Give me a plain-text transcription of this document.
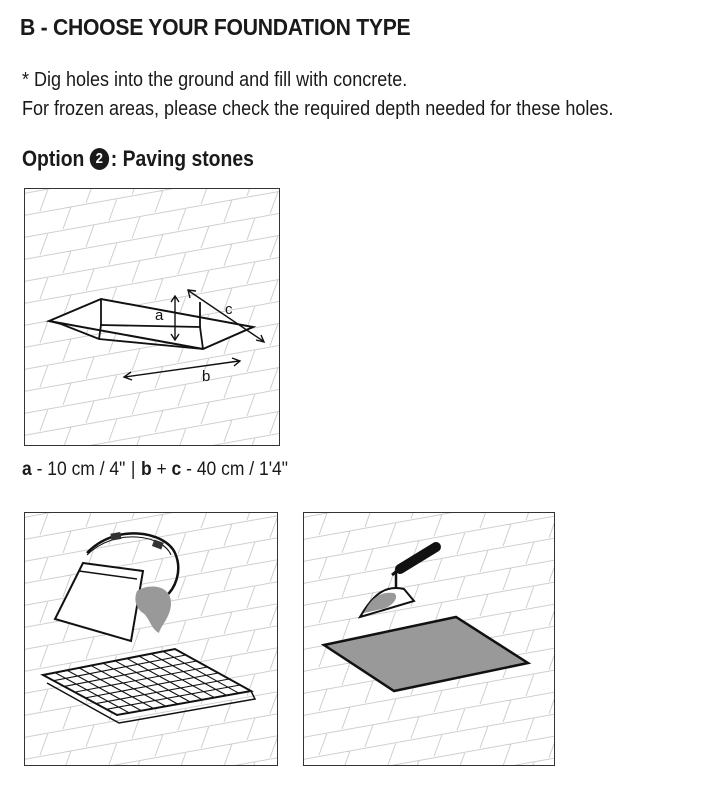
B - CHOOSE YOUR FOUNDATION TYPE
* Dig holes into the ground and fill with concrete.
For frozen areas, please check the required depth needed for these holes.
Option 2 : Paving stones
a	c
b
a - 10 cm / 4" | b + c - 40 cm / 1'4"
